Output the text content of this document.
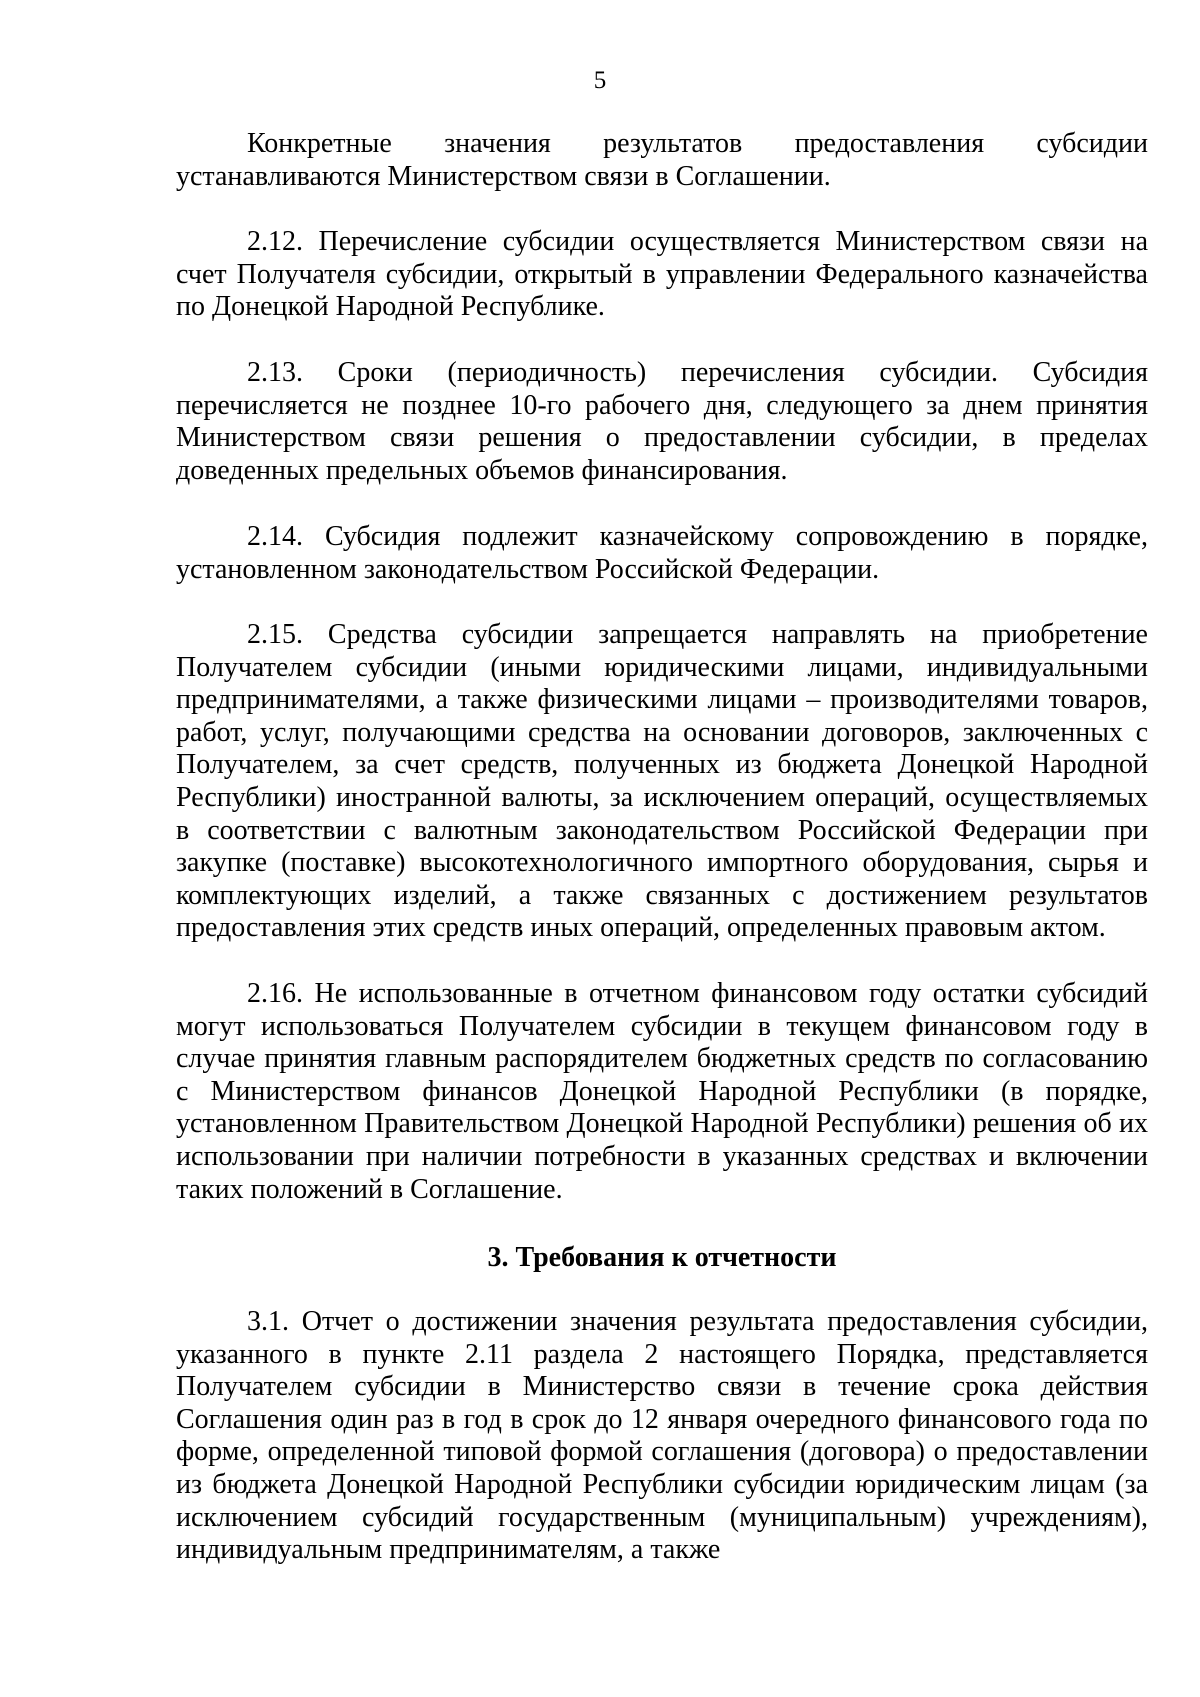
5

Конкретные значения результатов предоставления субсидии устанавливаются Министерством связи в Соглашении.

2.12. Перечисление субсидии осуществляется Министерством связи на счет Получателя субсидии, открытый в управлении Федерального казначейства по Донецкой Народной Республике.

2.13. Сроки (периодичность) перечисления субсидии. Субсидия перечисляется не позднее 10-го рабочего дня, следующего за днем принятия Министерством связи решения о предоставлении субсидии, в пределах доведенных предельных объемов финансирования.

2.14. Субсидия подлежит казначейскому сопровождению в порядке, установленном законодательством Российской Федерации.

2.15. Средства субсидии запрещается направлять на приобретение Получателем субсидии (иными юридическими лицами, индивидуальными предпринимателями, а также физическими лицами – производителями товаров, работ, услуг, получающими средства на основании договоров, заключенных с Получателем, за счет средств, полученных из бюджета Донецкой Народной Республики) иностранной валюты, за исключением операций, осуществляемых в соответствии с валютным законодательством Российской Федерации при закупке (поставке) высокотехнологичного импортного оборудования, сырья и комплектующих изделий, а также связанных с достижением результатов предоставления этих средств иных операций, определенных правовым актом.

2.16. Не использованные в отчетном финансовом году остатки субсидий могут использоваться Получателем субсидии в текущем финансовом году в случае принятия главным распорядителем бюджетных средств по согласованию с Министерством финансов Донецкой Народной Республики (в порядке, установленном Правительством Донецкой Народной Республики) решения об их использовании при наличии потребности в указанных средствах и включении таких положений в Соглашение.

3. Требования к отчетности

3.1. Отчет о достижении значения результата предоставления субсидии, указанного в пункте 2.11 раздела 2 настоящего Порядка, представляется Получателем субсидии в Министерство связи в течение срока действия Соглашения один раз в год в срок до 12 января очередного финансового года по форме, определенной типовой формой соглашения (договора) о предоставлении из бюджета Донецкой Народной Республики субсидии юридическим лицам (за исключением субсидий государственным (муниципальным) учреждениям), индивидуальным предпринимателям, а также
